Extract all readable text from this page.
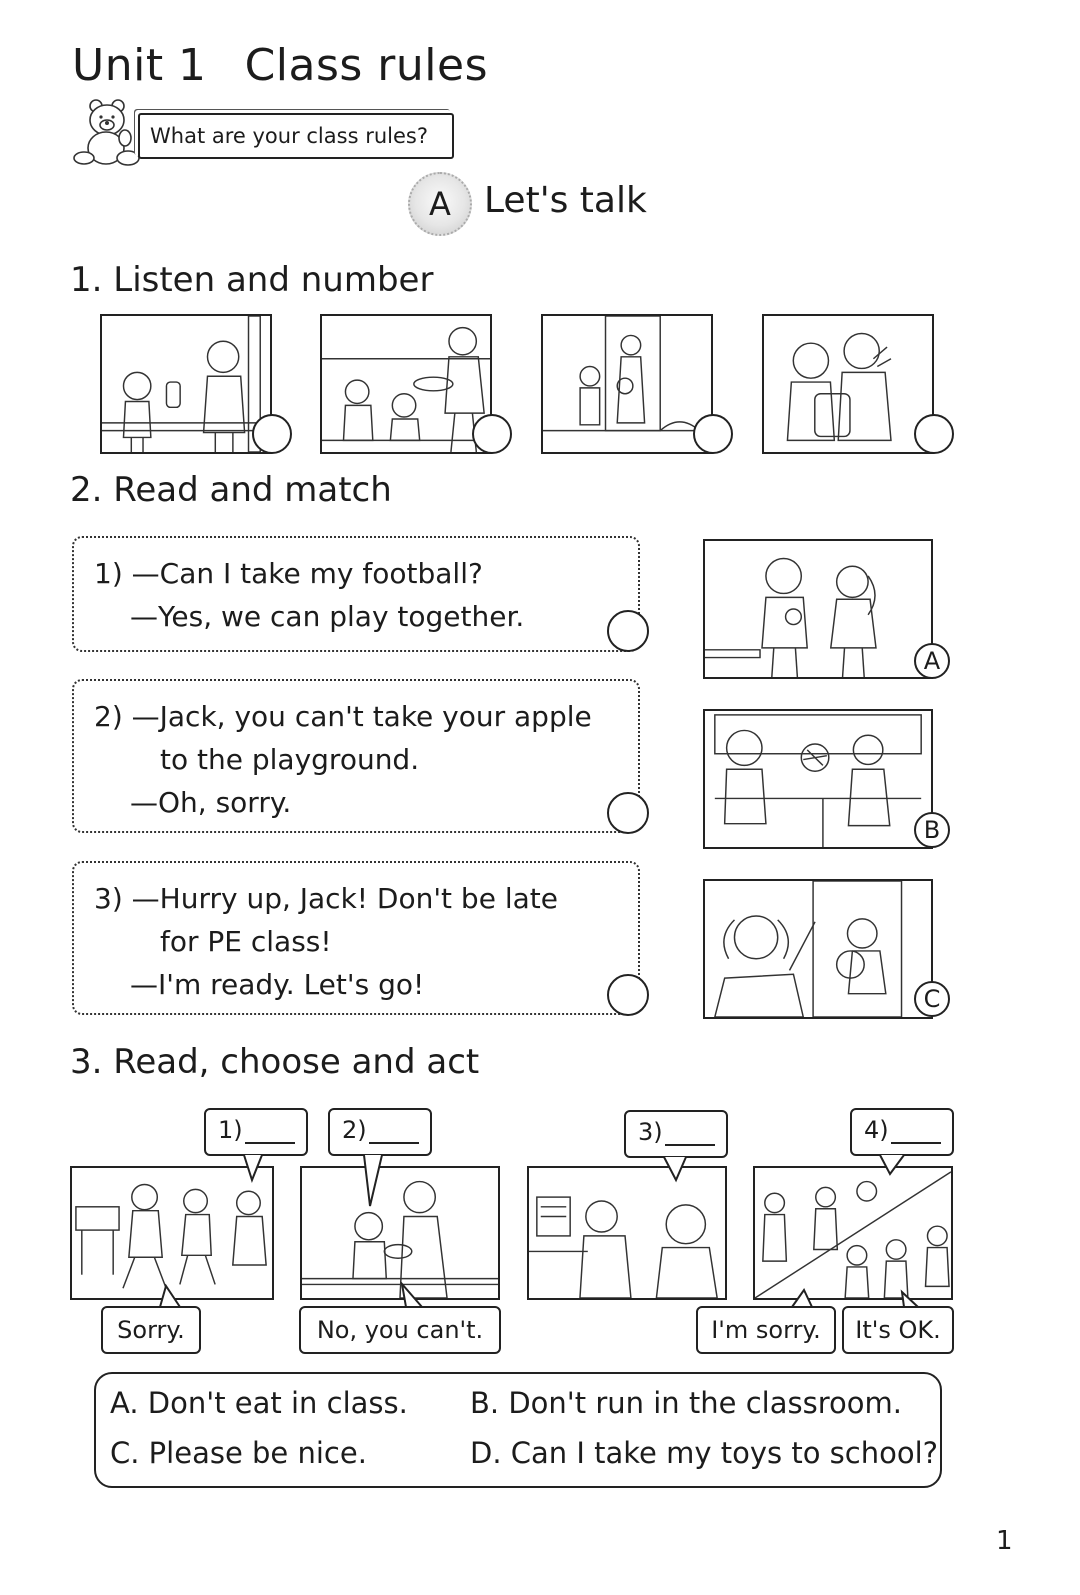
Unit 1 Class rules
What are your class rules?
A Let's talk
1. Listen and number
2. Read and match
1) —Can I take my football?
—Yes, we can play together.
2) —Jack, you can't take your apple
to the playground.
—Oh, sorry.
3) —Hurry up, Jack! Don't be late
for PE class!
—I'm ready. Let's go!
A
B
C
3. Read, choose and act
1)	2)	3)	4)
Sorry.	No, you can't.	I'm sorry.	It's OK.
A. Don't eat in class. B. Don't run in the classroom.
C. Please be nice.	D. Can I take my toys to school?
1
